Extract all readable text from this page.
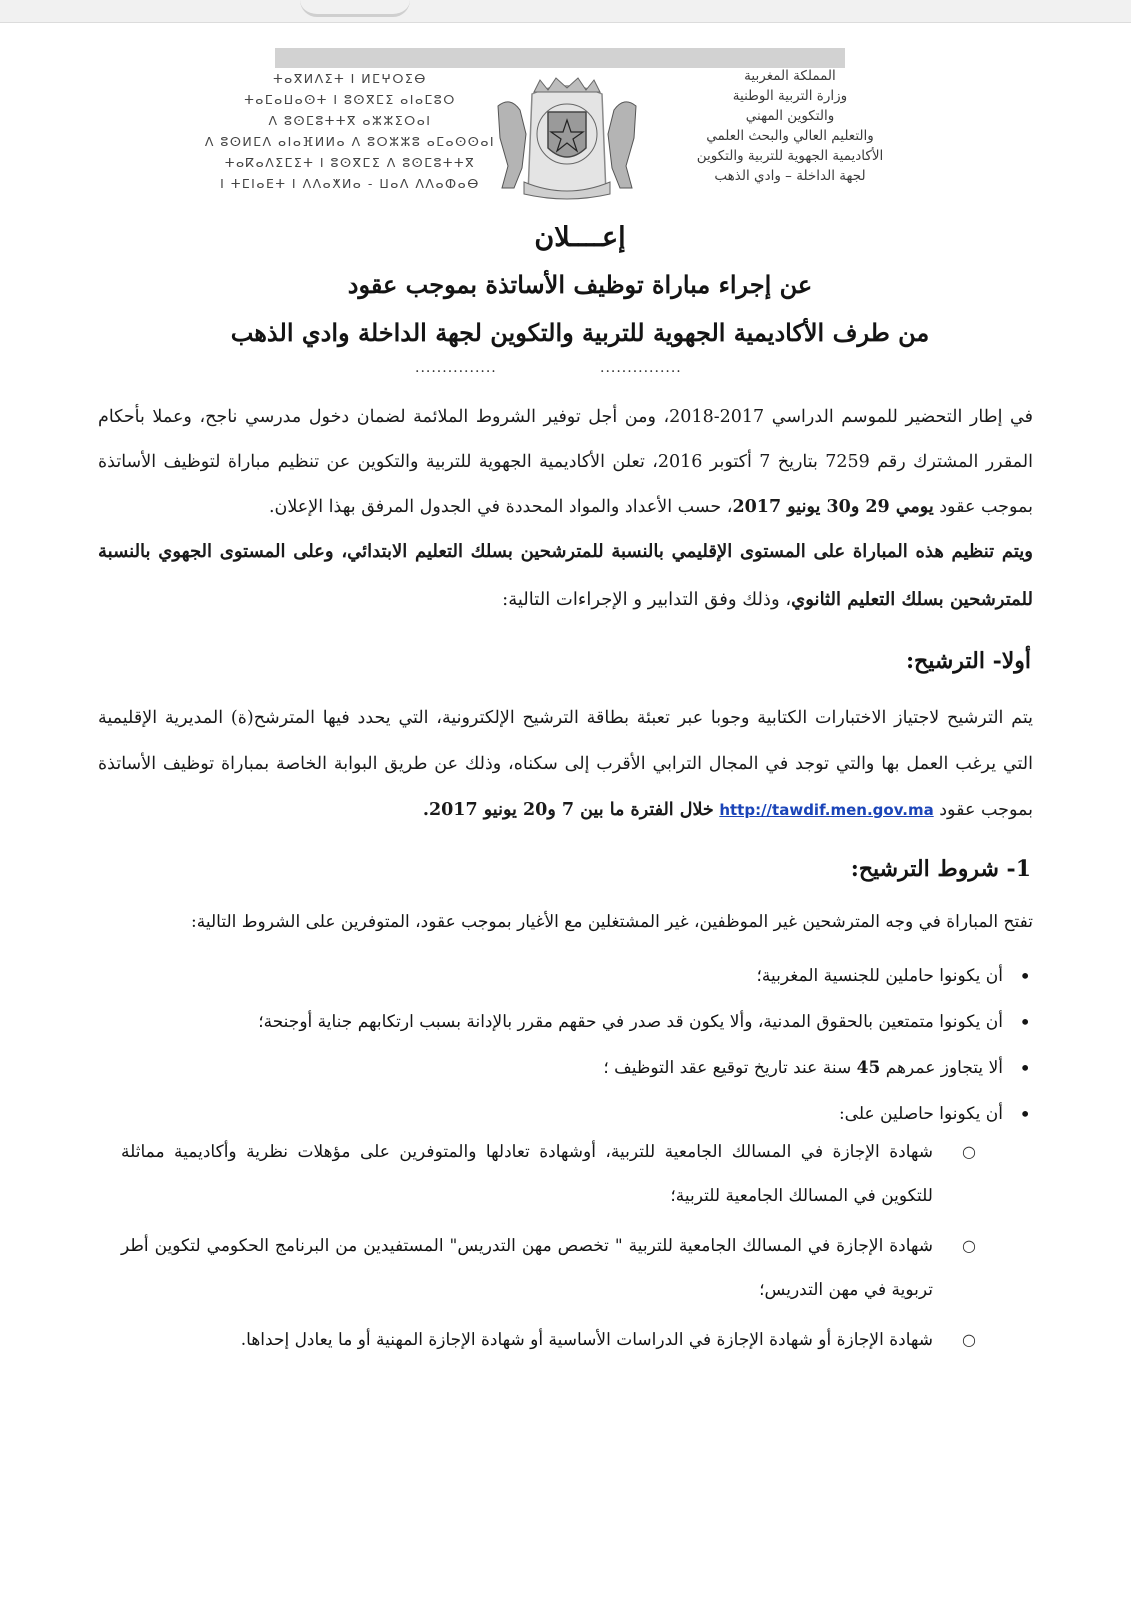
ⵜⴰⴳⵍⴷⵉⵜ ⵏ ⵍⵎⵖⵔⵉⴱ
ⵜⴰⵎⴰⵡⴰⵙⵜ ⵏ ⵓⵙⴳⵎⵉ ⴰⵏⴰⵎⵓⵔ
ⴷ ⵓⵙⵎⵓⵜⵜⴳ ⴰⵣⵣⵉⵔⴰⵏ
ⴷ ⵓⵙⵍⵎⴷ ⴰⵏⴰⴼⵍⵍⴰ ⴷ ⵓⵔⵣⵣⵓ ⴰⵎⴰⵙⵙⴰⵏ
ⵜⴰⴽⴰⴷⵉⵎⵉⵜ ⵏ ⵓⵙⴳⵎⵉ ⴷ ⵓⵙⵎⵓⵜⵜⴳ
ⵏ ⵜⵎⵏⴰⴹⵜ ⵏ ⴷⴷⴰⵅⵍⴰ - ⵡⴰⴷ ⴷⴷⴰⵀⴰⴱ
المملكة المغربية
وزارة التربية الوطنية
والتكوين المهني
والتعليم العالي والبحث العلمي
الأكاديمية الجهوية للتربية والتكوين
لجهة الداخلة – وادي الذهب
إعــــلان
عن إجراء مباراة توظيف الأساتذة بموجب عقود
من طرف الأكاديمية الجهوية للتربية والتكوين لجهة الداخلة وادي الذهب
...............	...............
في إطار التحضير للموسم الدراسي 2017-2018، ومن أجل توفير الشروط الملائمة لضمان دخول مدرسي ناجح، وعملا بأحكام المقرر المشترك رقم 7259 بتاريخ 7 أكتوبر 2016، تعلن الأكاديمية الجهوية للتربية والتكوين عن تنظيم مباراة لتوظيف الأساتذة بموجب عقود يومي 29 و30 يونيو 2017، حسب الأعداد والمواد المحددة في الجدول المرفق بهذا الإعلان.
ويتم تنظيم هذه المباراة على المستوى الإقليمي بالنسبة للمترشحين بسلك التعليم الابتدائي، وعلى المستوى الجهوي بالنسبة للمترشحين بسلك التعليم الثانوي، وذلك وفق التدابير و الإجراءات التالية:
أولا- الترشيح:
يتم الترشيح لاجتياز الاختبارات الكتابية وجوبا عبر تعبئة بطاقة الترشيح الإلكترونية، التي يحدد فيها المترشح(ة) المديرية الإقليمية التي يرغب العمل بها والتي توجد في المجال الترابي الأقرب إلى سكناه، وذلك عن طريق البوابة الخاصة بمباراة توظيف الأساتذة بموجب عقود http://tawdif.men.gov.ma خلال الفترة ما بين 7 و20 يونيو 2017.
1- شروط الترشيح:
تفتح المباراة في وجه المترشحين غير الموظفين، غير المشتغلين مع الأغيار بموجب عقود، المتوفرين على الشروط التالية:
•
أن يكونوا حاملين للجنسية المغربية؛
•
أن يكونوا متمتعين بالحقوق المدنية، وألا يكون قد صدر في حقهم مقرر بالإدانة بسبب ارتكابهم جناية أوجنحة؛
•
ألا يتجاوز عمرهم 45 سنة عند تاريخ توقيع عقد التوظيف ؛
•
أن يكونوا حاصلين على:
○
شهادة الإجازة في المسالك الجامعية للتربية، أوشهادة تعادلها والمتوفرين على مؤهلات نظرية وأكاديمية مماثلة للتكوين في المسالك الجامعية للتربية؛
○
شهادة الإجازة في المسالك الجامعية للتربية " تخصص مهن التدريس" المستفيدين من البرنامج الحكومي لتكوين أطر تربوية في مهن التدريس؛
○
شهادة الإجازة أو شهادة الإجازة في الدراسات الأساسية أو شهادة الإجازة المهنية أو ما يعادل إحداها.
